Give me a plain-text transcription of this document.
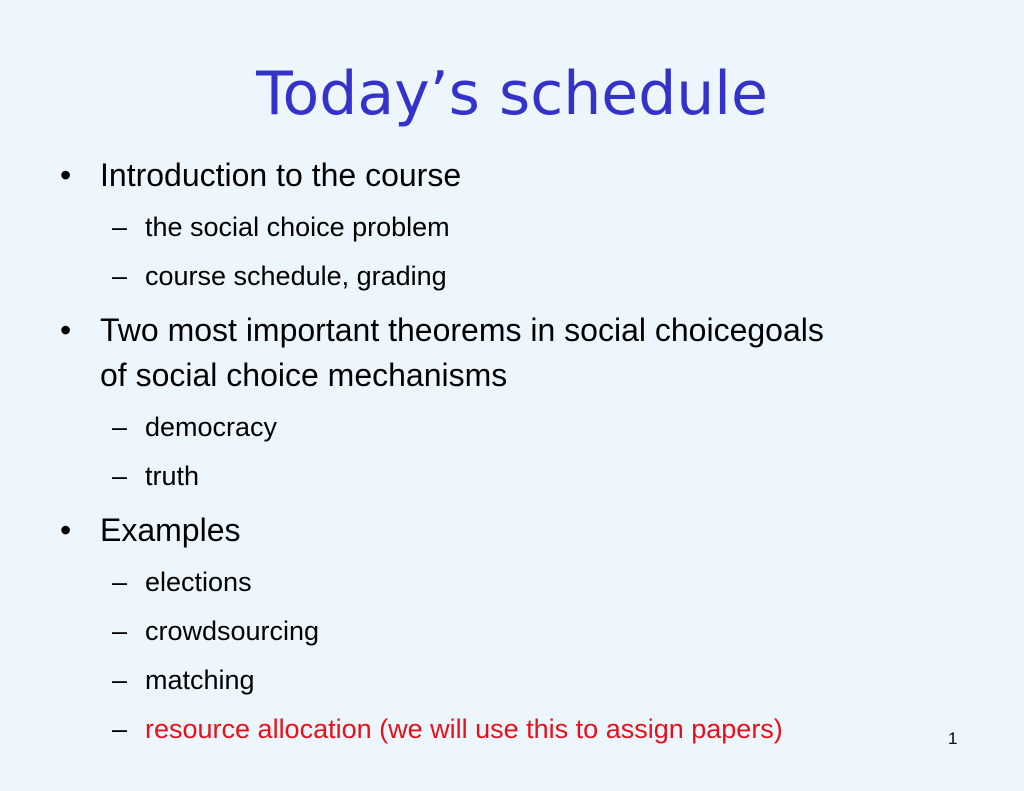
Today’s schedule
• Introduction to the course
– the social choice problem
– course schedule, grading
• Two most important theorems in social choicegoals
of social choice mechanisms
– democracy
– truth
• Examples
– elections
– crowdsourcing
– matching
– resource allocation (we will use this to assign papers)	1
